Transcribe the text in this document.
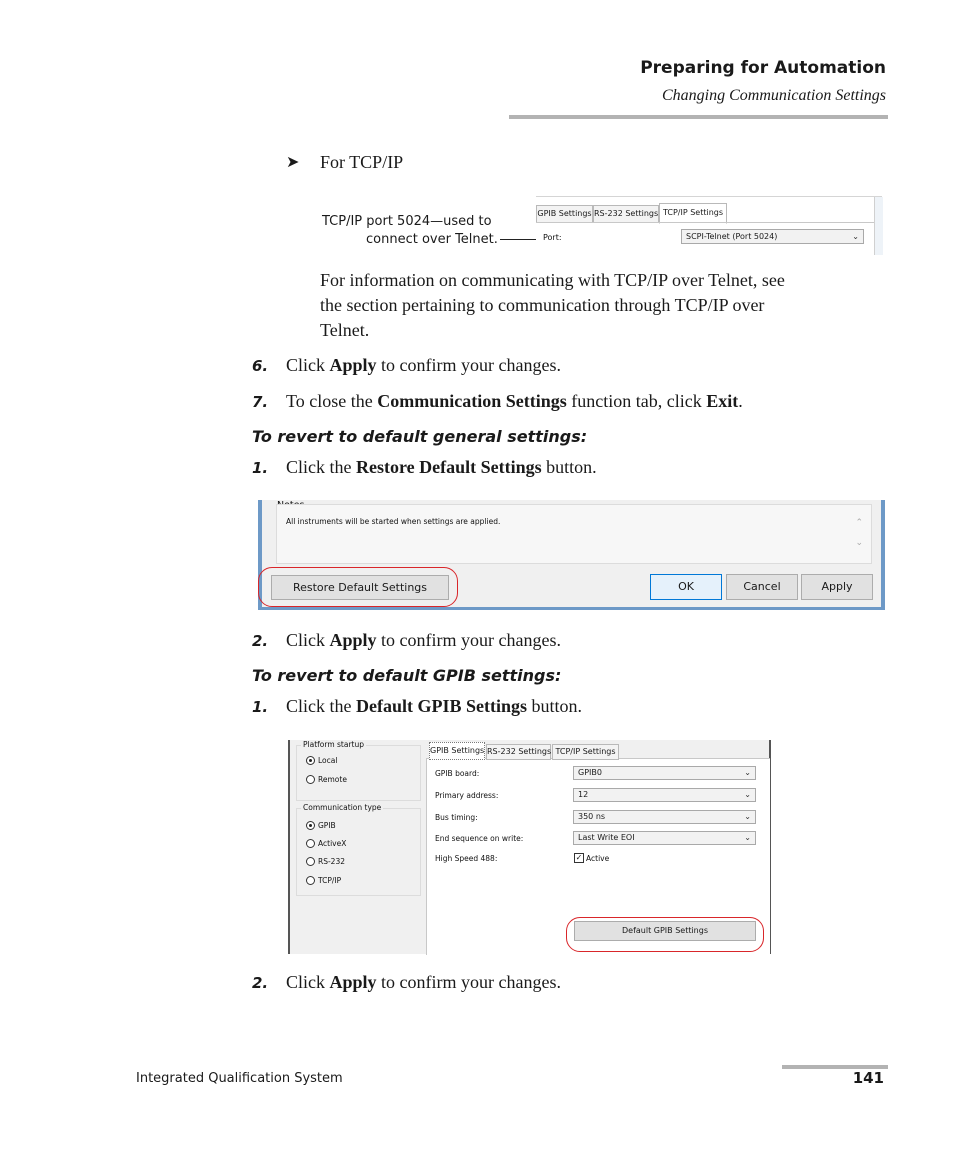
Preparing for Automation
Changing Communication Settings
➤ For TCP/IP
TCP/IP port 5024—used to
connect over Telnet.
GPIB Settings RS-232 Settings TCP/IP Settings
Port:	SCPI-Telnet (Port 5024)	⌄
For information on communicating with TCP/IP over Telnet, see
the section pertaining to communication through TCP/IP over
Telnet.
6. Click Apply to confirm your changes.
7. To close the Communication Settings function tab, click Exit.
To revert to default general settings:
1. Click the Restore Default Settings button.
All instruments will be started when settings are applied.	⌃
⌄
Restore Default Settings	OK	Cancel	Apply
2. Click Apply to confirm your changes.
To revert to default GPIB settings:
1. Click the Default GPIB Settings button.
Platform startup
Local
Remote
Communication type
GPIB
ActiveX
RS-232
TCP/IP
GPIB Settings RS-232 Settings TCP/IP Settings
GPIB board:	GPIB0	⌄
Primary address:	12	⌄
Bus timing:	350 ns	⌄
End sequence on write:	Last Write EOI	⌄
High Speed 488:	✓ Active
Default GPIB Settings
2. Click Apply to confirm your changes.
Integrated Qualification System	141
